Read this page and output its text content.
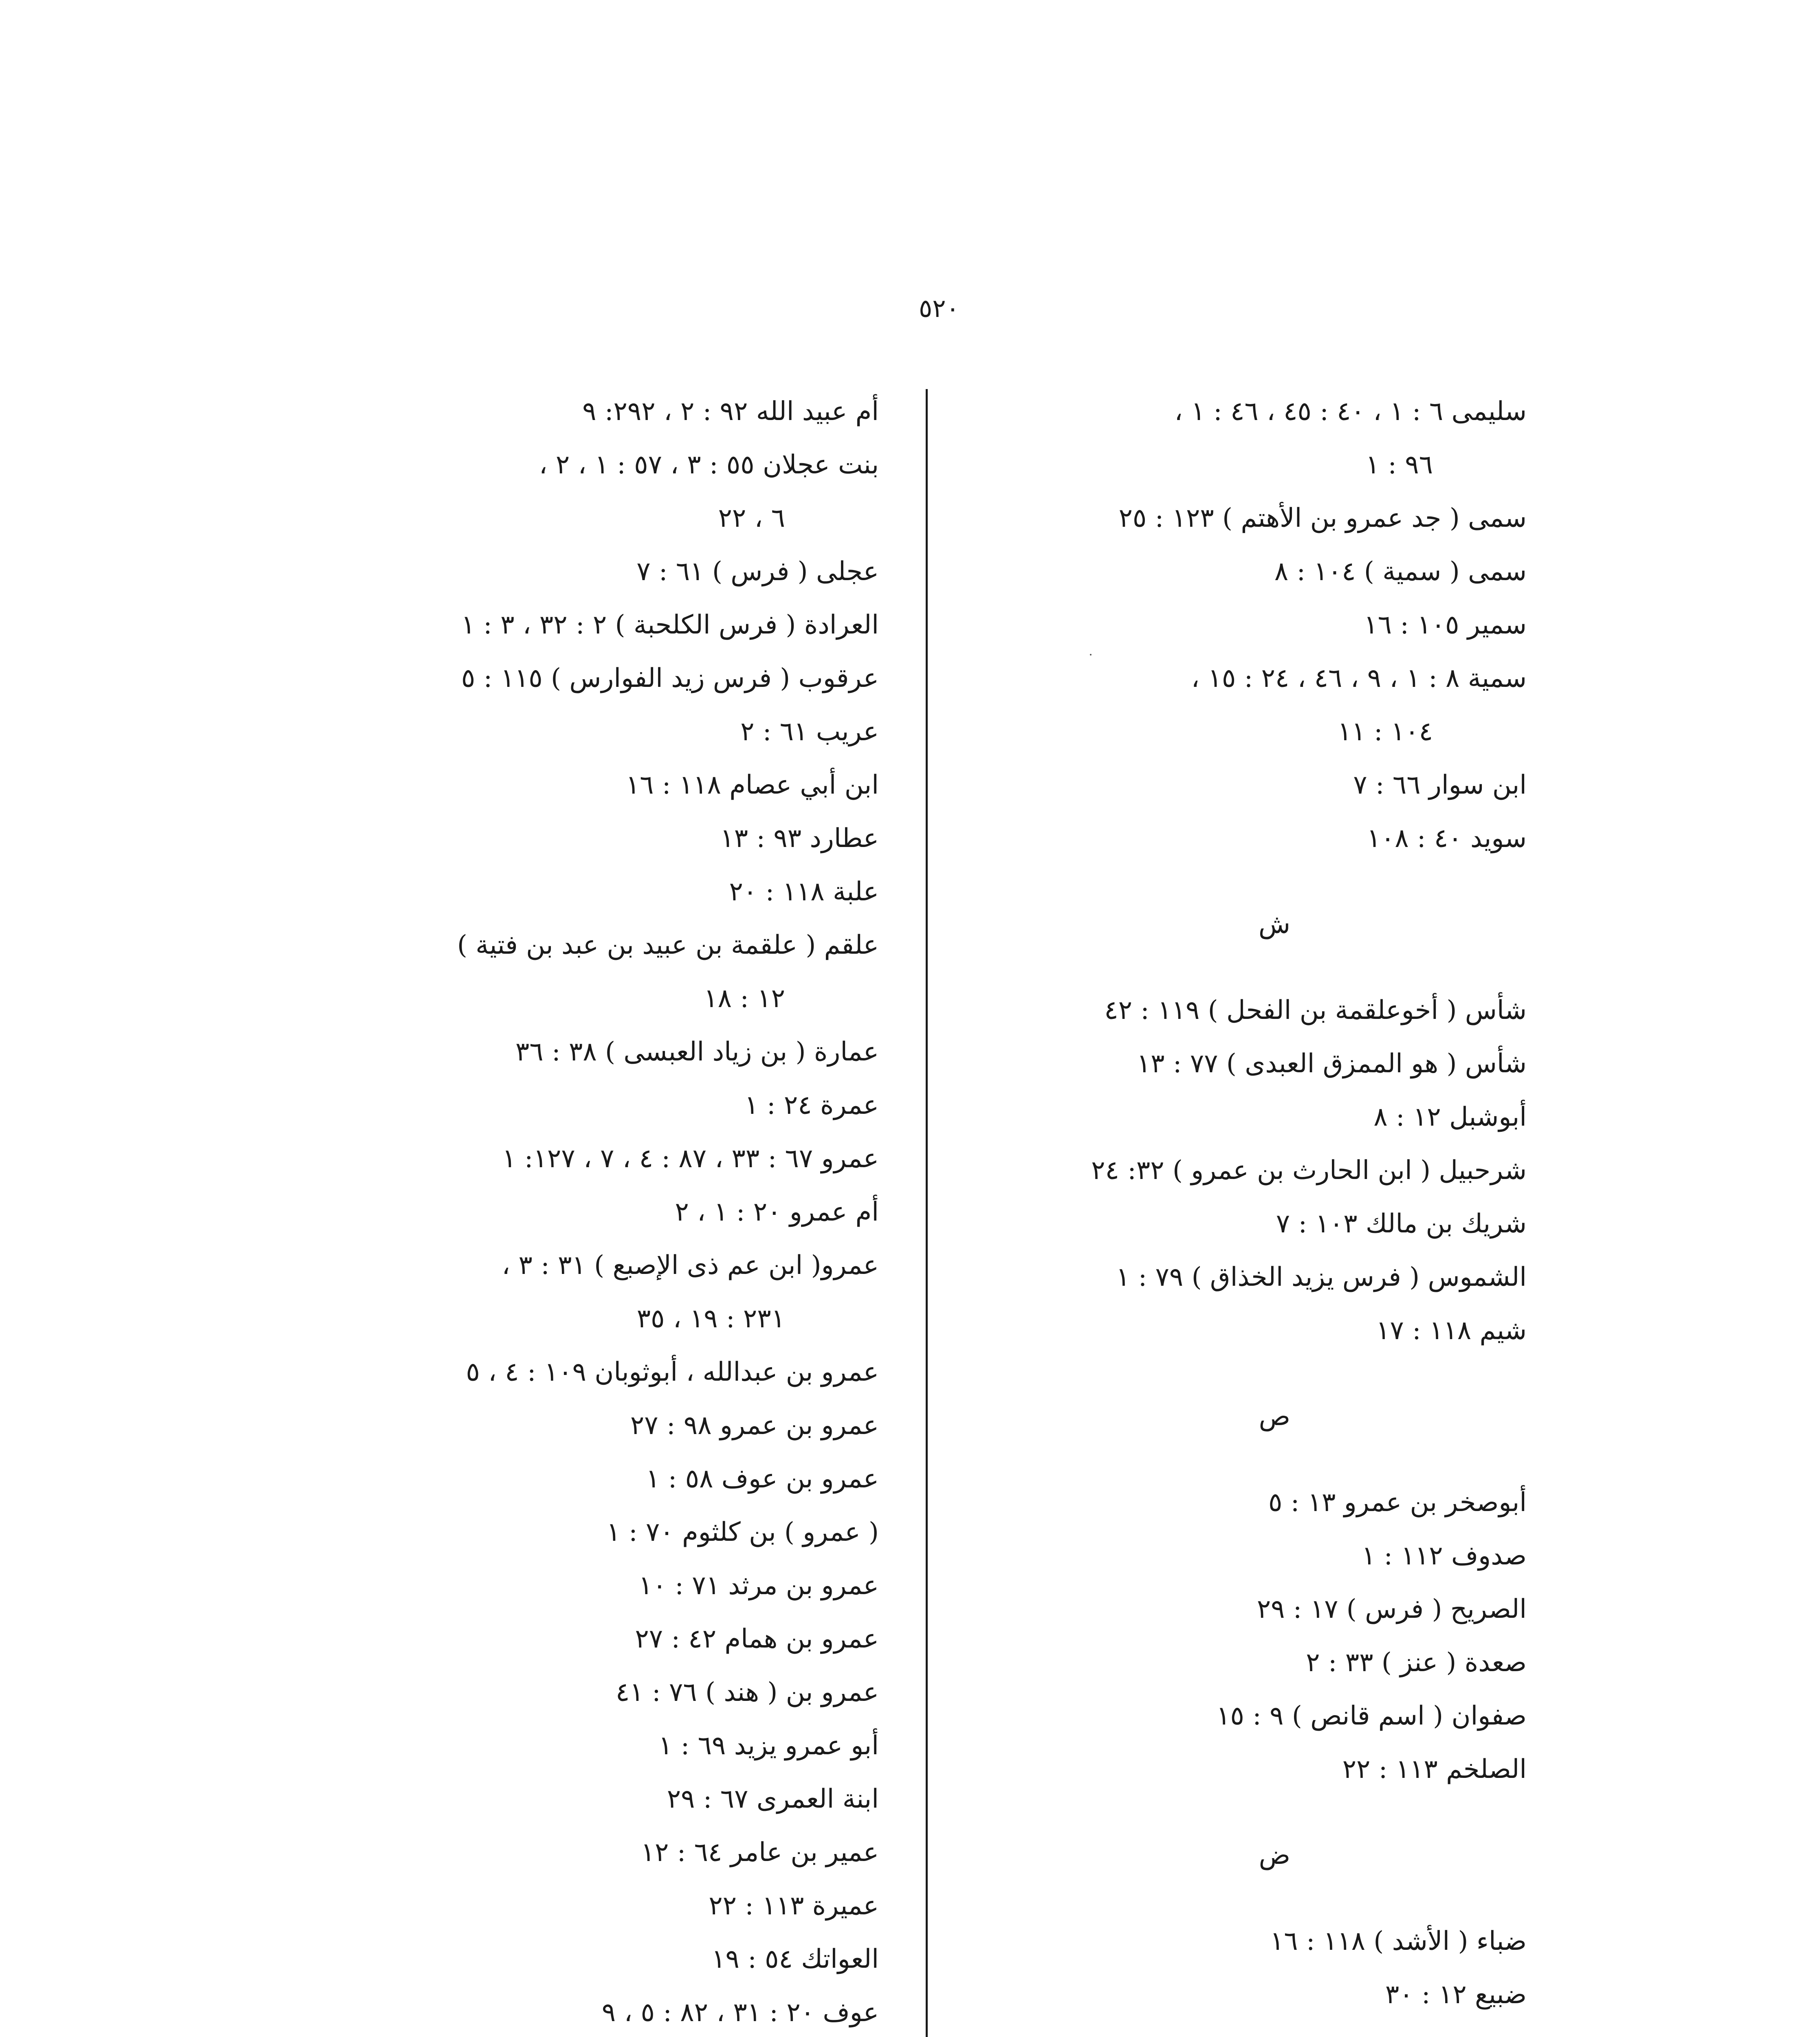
٥٢٠
سليمى ٦ : ١ ، ٤٠ : ٤٥ ، ٤٦ : ١ ،
٩٦ : ١
سمى ( جد عمرو بن الأهتم ) ١٢٣ : ٢٥
سمى ( سمية ) ١٠٤ : ٨
سمير ١٠٥ : ١٦
سمية ٨ : ١ ، ٩ ، ٤٦ ، ٢٤ : ١٥ ،
١٠٤ : ١١
ابن سوار ٦٦ : ٧
سويد ٤٠ : ١٠٨
ش
شأس ( أخوعلقمة بن الفحل ) ١١٩ : ٤٢
شأس ( هو الممزق العبدى ) ٧٧ : ١٣
أبوشبل ١٢ : ٨
شرحبيل ( ابن الحارث بن عمرو ) ٣٢: ٢٤
شريك بن مالك ١٠٣ : ٧
الشموس ( فرس يزيد الخذاق ) ٧٩ : ١
شيم ١١٨ : ١٧
ص
أبوصخر بن عمرو ١٣ : ٥
صدوف ١١٢ : ١
الصريح ( فرس ) ١٧ : ٢٩
صعدة ( عنز ) ٣٣ : ٢
صفوان ( اسم قانص ) ٩ : ١٥
الصلخم ١١٣ : ٢٢
ض
ضباء ( الأشد ) ١١٨ : ١٦
ضبيع ١٢ : ٣٠
أم عبيد الله ٩٢ : ٢ ، ٢٩٢: ٩
بنت عجلان ٥٥ : ٣ ، ٥٧ : ١ ، ٢ ،
٦ ، ٢٢
عجلى ( فرس ) ٦١ : ٧
العرادة ( فرس الكلحبة ) ٢ : ٣٢ ، ٣ : ١
عرقوب ( فرس زيد الفوارس ) ١١٥ : ٥
عريب ٦١ : ٢
ابن أبي عصام ١١٨ : ١٦
عطارد ٩٣ : ١٣
علبة ١١٨ : ٢٠
علقم ( علقمة بن عبيد بن عبد بن فتية )
١٢ : ١٨
عمارة ( بن زياد العبسى ) ٣٨ : ٣٦
عمرة ٢٤ : ١
عمرو ٦٧ : ٣٣ ، ٨٧ : ٤ ، ٧ ، ١٢٧: ١
أم عمرو ٢٠ : ١ ، ٢
عمرو( ابن عم ذى الإصبع ) ٣١ : ٣ ،
٢٣١ : ١٩ ، ٣٥
عمرو بن عبدالله ، أبوثوبان ١٠٩ : ٤ ، ٥
عمرو بن عمرو ٩٨ : ٢٧
عمرو بن عوف ٥٨ : ١
( عمرو ) بن كلثوم ٧٠ : ١
عمرو بن مرثد ٧١ : ١٠
عمرو بن همام ٤٢ : ٢٧
عمرو بن ( هند ) ٧٦ : ٤١
أبو عمرو يزيد ٦٩ : ١
ابنة العمرى ٦٧ : ٢٩
عمير بن عامر ٦٤ : ١٢
عميرة ١١٣ : ٢٢
العواتك ٥٤ : ١٩
عوف ٢٠ : ٣١ ، ٨٢ : ٥ ، ٩
